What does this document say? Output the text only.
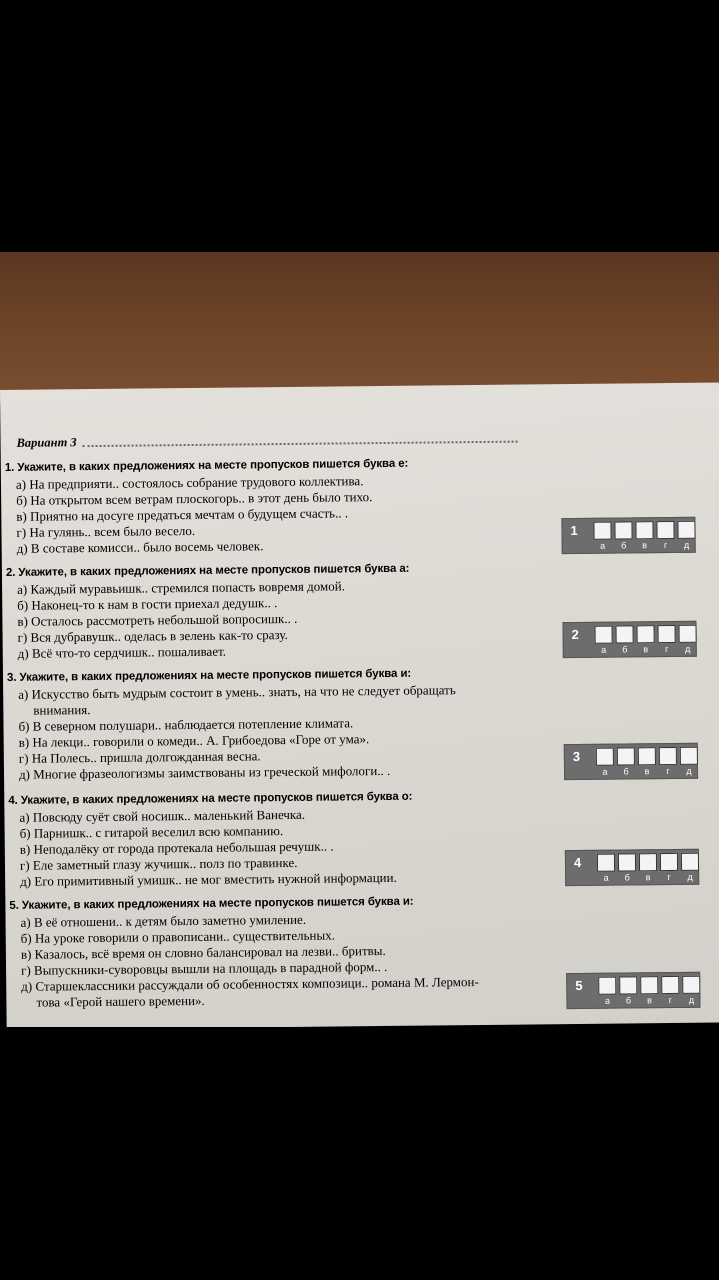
Вариант 3
1. Укажите, в каких предложениях на месте пропусков пишется буква е:
а) На предприяти.. состоялось собрание трудового коллектива.
б) На открытом всем ветрам плоскогорь.. в этот день было тихо.
в) Приятно на досуге предаться мечтам о будущем счасть.. .
г) На гулянь.. всем было весело.
д) В составе комисси.. было восемь человек.
1
а	б	в	г	д
2. Укажите, в каких предложениях на месте пропусков пишется буква а:
а) Каждый муравьишк.. стремился попасть вовремя домой.
б) Наконец-то к нам в гости приехал дедушк.. .
в) Осталось рассмотреть небольшой вопросишк.. .
г) Вся дубравушк.. оделась в зелень как-то сразу.
д) Всё что-то сердчишк.. пошаливает.
2
а	б	в	г	д
3. Укажите, в каких предложениях на месте пропусков пишется буква и:
а) Искусство быть мудрым состоит в умень.. знать, на что не следует обращать
внимания.
б) В северном полушари.. наблюдается потепление климата.
в) На лекци.. говорили о комеди.. А. Грибоедова «Горе от ума».
г) На Полесь.. пришла долгожданная весна.
д) Многие фразеологизмы заимствованы из греческой мифологи.. .
3
а	б	в	г	д
4. Укажите, в каких предложениях на месте пропусков пишется буква о:
а) Повсюду суёт свой носишк.. маленький Ванечка.
б) Парнишк.. с гитарой веселил всю компанию.
в) Неподалёку от города протекала небольшая речушк.. .
г) Еле заметный глазу жучишк.. полз по травинке.
д) Его примитивный умишк.. не мог вместить нужной информации.
4
а	б	в	г	д
5. Укажите, в каких предложениях на месте пропусков пишется буква и:
а) В её отношени.. к детям было заметно умиление.
б) На уроке говорили о правописани.. существительных.
в) Казалось, всё время он словно балансировал на лезви.. бритвы.
г) Выпускники-суворовцы вышли на площадь в парадной форм.. .
д) Старшеклассники рассуждали об особенностях композици.. романа М. Лермон-
това «Герой нашего времени».
5
а	б	в	г	д
